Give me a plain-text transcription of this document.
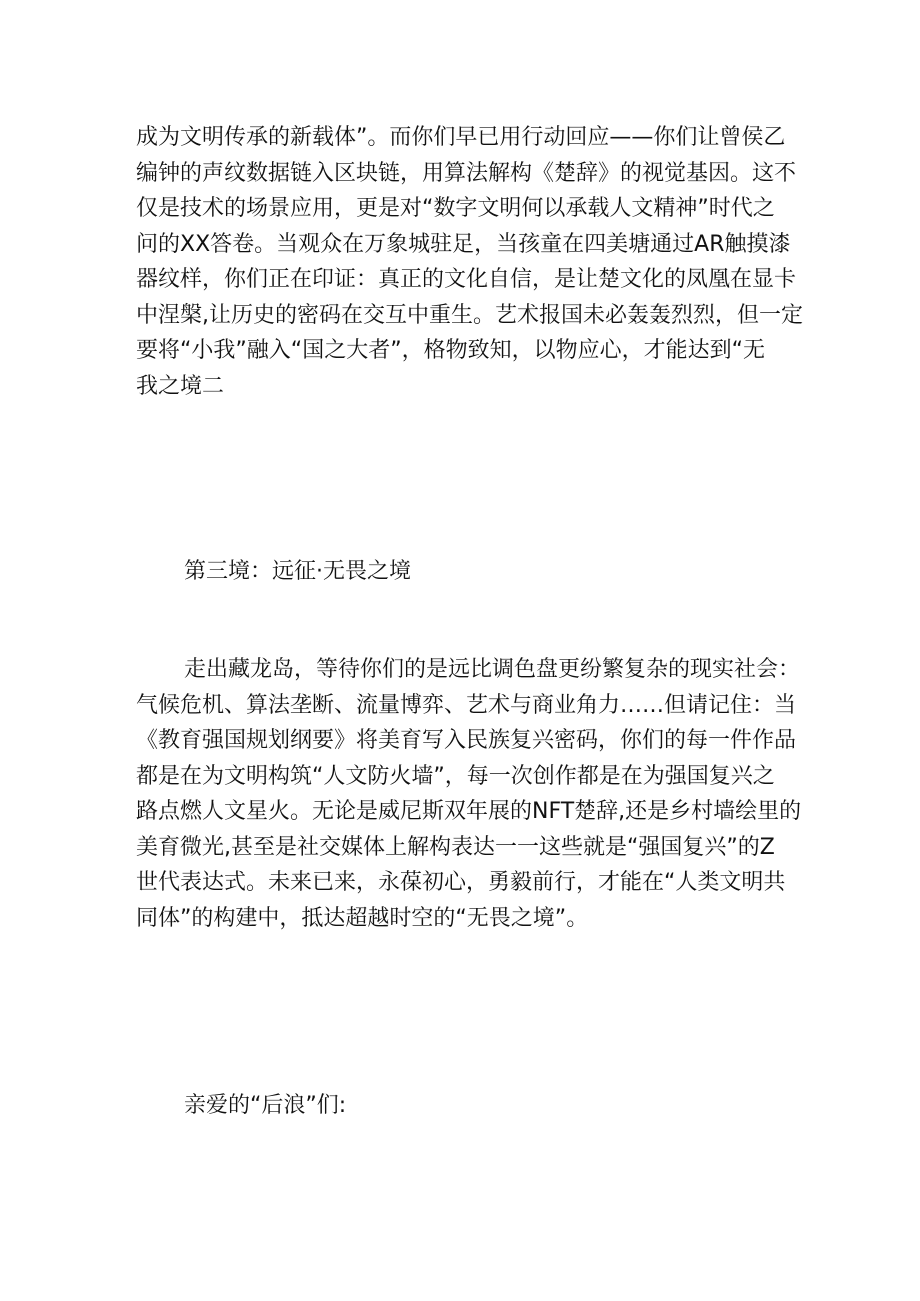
成为文明传承的新载体”。而你们早已用行动回应——你们让曾侯乙
编钟的声纹数据链入区块链，用算法解构《楚辞》的视觉基因。这不
仅是技术的场景应用，更是对“数字文明何以承载人文精神”时代之
问的XX答卷。当观众在万象城驻足，当孩童在四美塘通过AR触摸漆
器纹样，你们正在印证：真正的文化自信，是让楚文化的凤凰在显卡
中涅槃,让历史的密码在交互中重生。艺术报国未必轰轰烈烈，但一定
要将“小我”融入“国之大者”，格物致知，以物应心，才能达到“无
我之境二

第三境：远征·无畏之境

走出藏龙岛，等待你们的是远比调色盘更纷繁复杂的现实社会：
气候危机、算法垄断、流量博弈、艺术与商业角力……但请记住：当
《教育强国规划纲要》将美育写入民族复兴密码，你们的每一件作品
都是在为文明构筑“人文防火墙”，每一次创作都是在为强国复兴之
路点燃人文星火。无论是威尼斯双年展的NFT楚辞,还是乡村墙绘里的
美育微光,甚至是社交媒体上解构表达一一这些就是“强国复兴”的Z
世代表达式。未来已来，永葆初心，勇毅前行，才能在“人类文明共
同体”的构建中，抵达超越时空的“无畏之境”。

亲爱的“后浪”们:
